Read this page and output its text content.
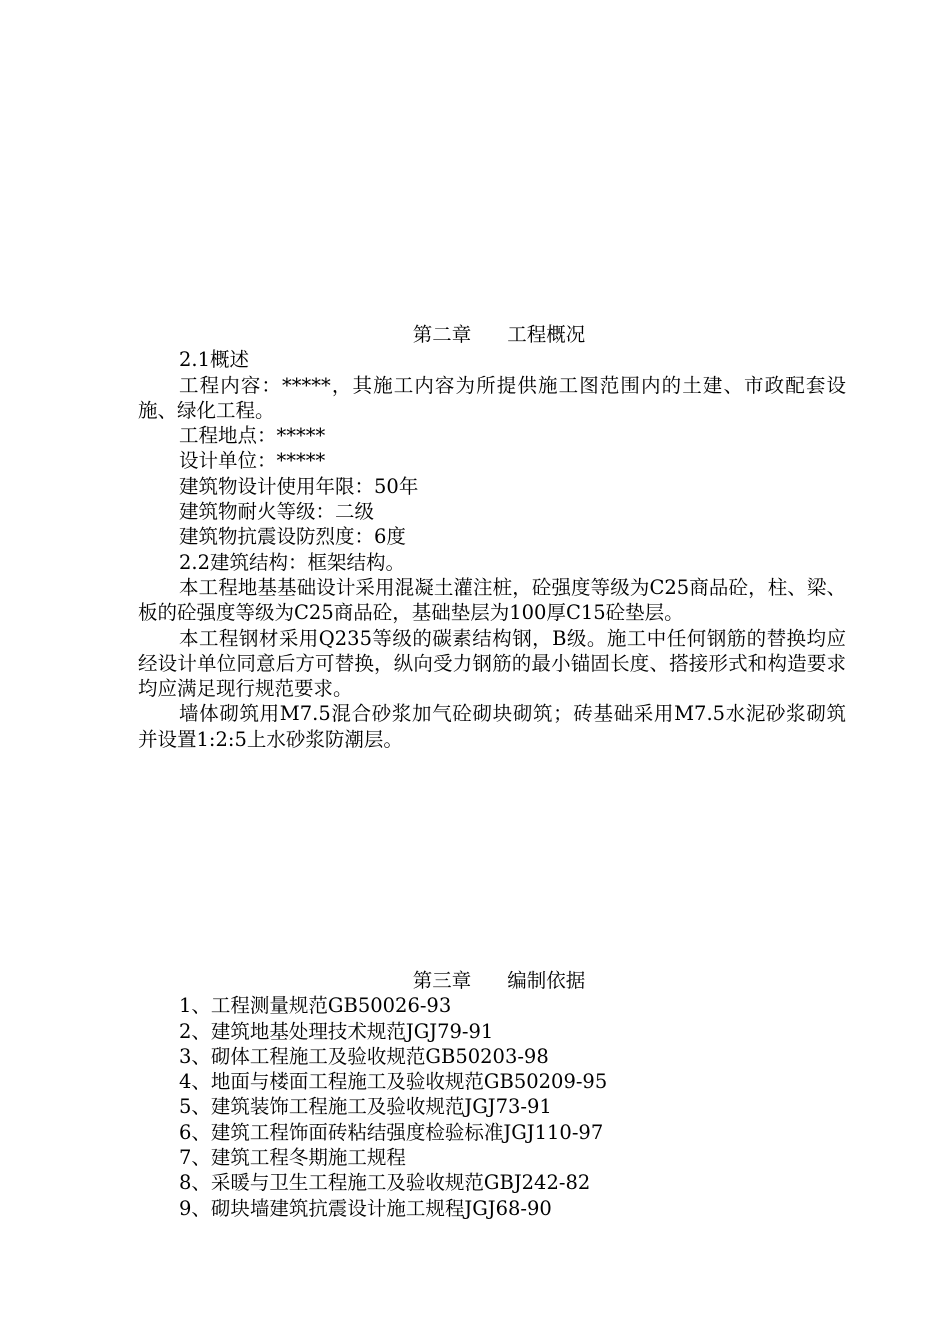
第二章 工程概况

2.1概述

工程内容：*****，其施工内容为所提供施工图范围内的土建、市政配套设施、绿化工程。

工程地点：*****

设计单位：*****

建筑物设计使用年限：50年

建筑物耐火等级：二级

建筑物抗震设防烈度：6度

2.2建筑结构：框架结构。

本工程地基基础设计采用混凝土灌注桩，砼强度等级为C25商品砼，柱、梁、板的砼强度等级为C25商品砼，基础垫层为100厚C15砼垫层。

本工程钢材采用Q235等级的碳素结构钢，B级。施工中任何钢筋的替换均应经设计单位同意后方可替换，纵向受力钢筋的最小锚固长度、搭接形式和构造要求均应满足现行规范要求。

墙体砌筑用M7.5混合砂浆加气砼砌块砌筑；砖基础采用M7.5水泥砂浆砌筑并设置1:2:5上水砂浆防潮层。

第三章 编制依据
1、工程测量规范GB50026-93
2、建筑地基处理技术规范JGJ79-91
3、砌体工程施工及验收规范GB50203-98
4、地面与楼面工程施工及验收规范GB50209-95
5、建筑装饰工程施工及验收规范JGJ73-91
6、建筑工程饰面砖粘结强度检验标准JGJ110-97
7、建筑工程冬期施工规程
8、采暖与卫生工程施工及验收规范GBJ242-82
9、砌块墙建筑抗震设计施工规程JGJ68-90
